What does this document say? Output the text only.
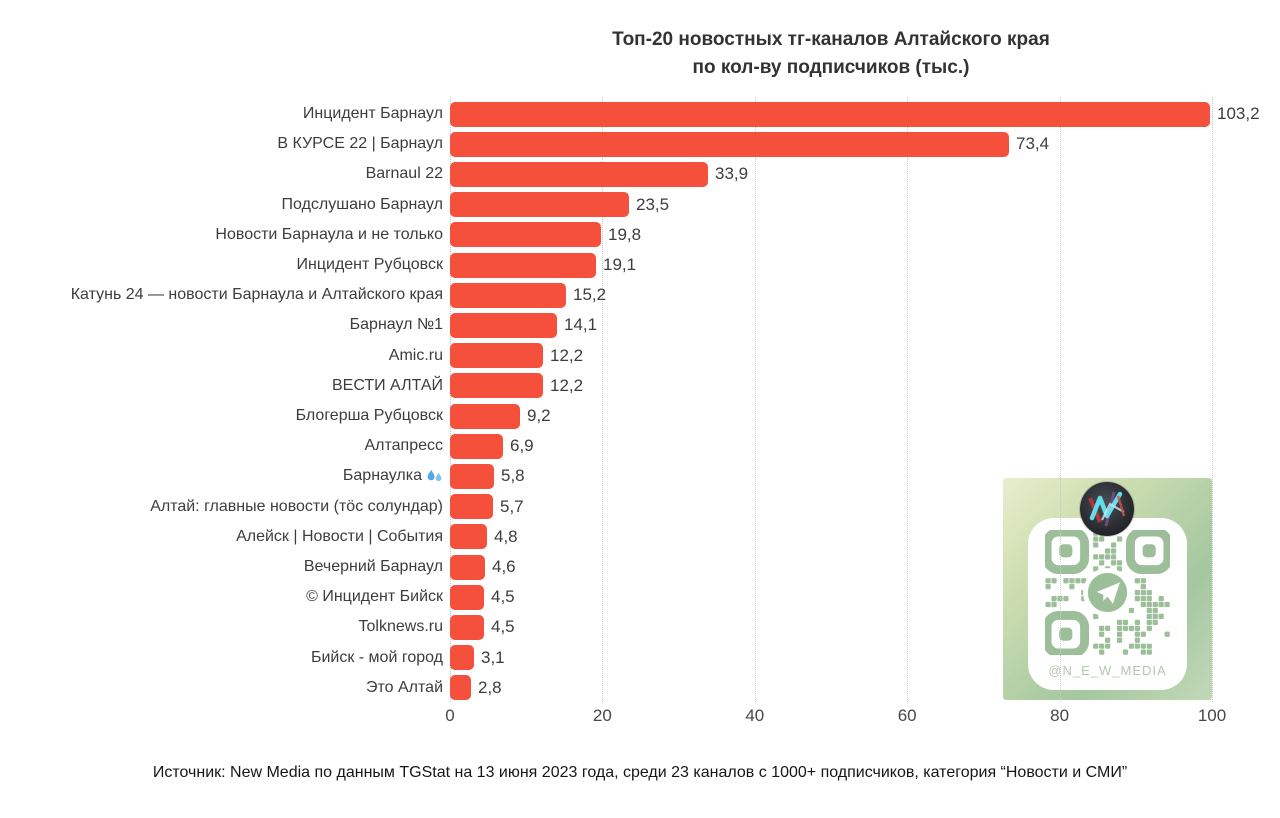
Топ-20 новостных тг-каналов Алтайского края
по кол-ву подписчиков (тыс.)
@N_E_W_MEDIA
Инцидент Барнаул	103,2
В КУРСЕ 22 | Барнаул	73,4
Barnaul 22	33,9
Подслушано Барнаул	23,5
Новости Барнаула и не только	19,8
Инцидент Рубцовск	19,1
Катунь 24 — новости Барнаула и Алтайского края	15,2
Барнаул №1	14,1
Amic.ru	12,2
ВЕСТИ АЛТАЙ	12,2
Блогерша Рубцовск	9,2
Алтапресс	6,9
Барнаулка	5,8
Алтай: главные новости (тöс солундар)	5,7
Алейск | Новости | События	4,8
Вечерний Барнаул	4,6
© Инцидент Бийск	4,5
Tolknews.ru	4,5
Бийск - мой город 3,1
Это Алтай 2,8
0	20	40	60	80	100
Источник: New Media по данным TGStat на 13 июня 2023 года, среди 23 каналов с 1000+ подписчиков, категория “Новости и СМИ”
